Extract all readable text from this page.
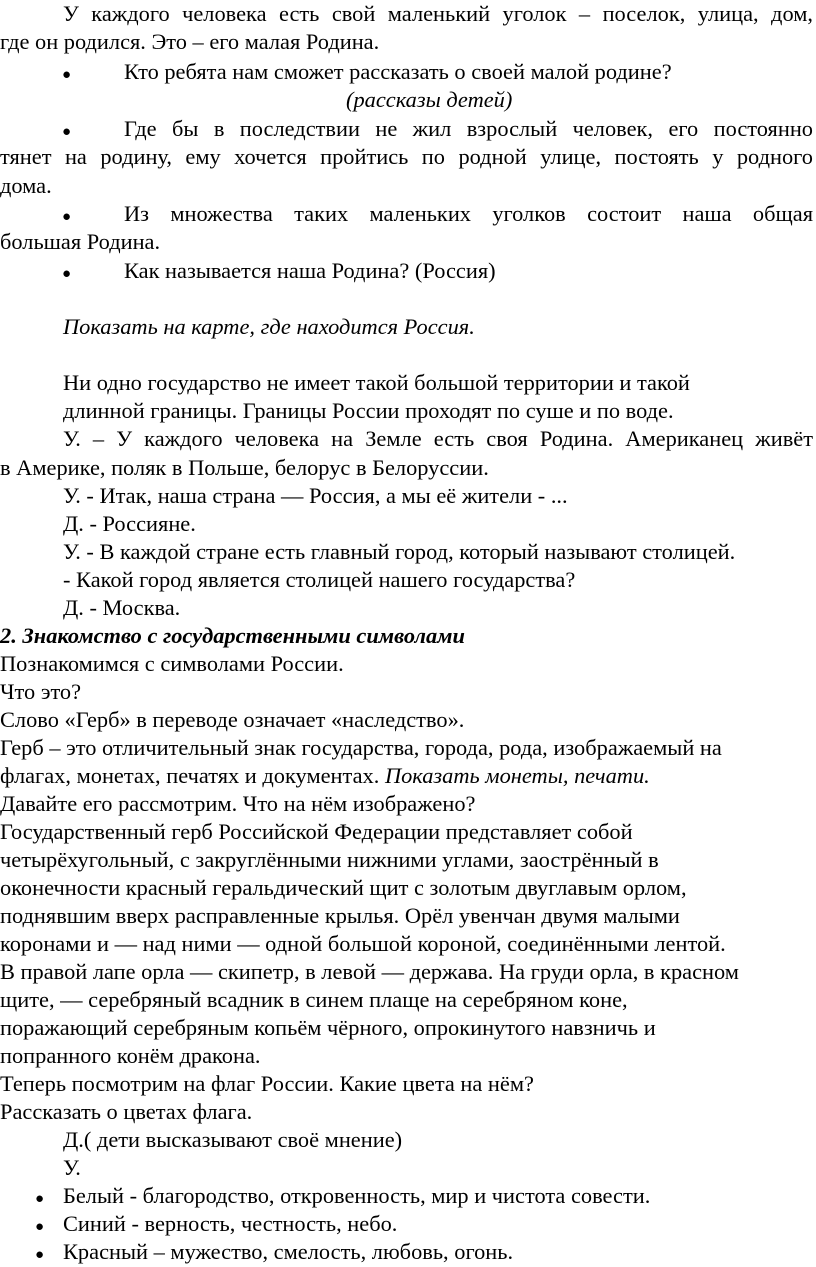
У каждого человека есть свой маленький уголок – поселок, улица, дом,

где он родился. Это – его малая Родина.

● Кто ребята нам сможет рассказать о своей малой родине?

(рассказы детей)

● Где бы в последствии не жил взрослый человек, его постоянно

тянет на родину, ему хочется пройтись по родной улице, постоять у родного

дома.

● Из множества таких маленьких уголков состоит наша общая

большая Родина.

● Как называется наша Родина? (Россия)

Показать на карте, где находится Россия.

Ни одно государство не имеет такой большой территории и такой

длинной границы. Границы России проходят по суше и по воде.

У. – У каждого человека на Земле есть своя Родина. Американец живёт

в Америке, поляк в Польше, белорус в Белоруссии.

У. - Итак, наша страна — Россия, а мы её жители - ...

Д. - Россияне.

У. - В каждой стране есть главный город, который называют столицей.

- Какой город является столицей нашего государства?

Д. - Москва.

2. Знакомство с государственными символами

Познакомимся с символами России.

Что это?

Слово «Герб» в переводе означает «наследство».

Герб – это отличительный знак государства, города, рода, изображаемый на

флагах, монетах, печатях и документах. Показать монеты, печати.

Давайте его рассмотрим. Что на нём изображено?

Государственный герб Российской Федерации представляет собой

четырёхугольный, с закруглёнными нижними углами, заострённый в

оконечности красный геральдический щит с золотым двуглавым орлом,

поднявшим вверх расправленные крылья. Орёл увенчан двумя малыми

коронами и — над ними — одной большой короной, соединёнными лентой.

В правой лапе орла — скипетр, в левой — держава. На груди орла, в красном

щите, — серебряный всадник в синем плаще на серебряном коне,

поражающий серебряным копьём чёрного, опрокинутого навзничь и

попранного конём дракона.

Теперь посмотрим на флаг России. Какие цвета на нём?

Рассказать о цветах флага.

Д.( дети высказывают своё мнение)

У.

● Белый - благородство, откровенность, мир и чистота совести.

● Синий - верность, честность, небо.

● Красный – мужество, смелость, любовь, огонь.
